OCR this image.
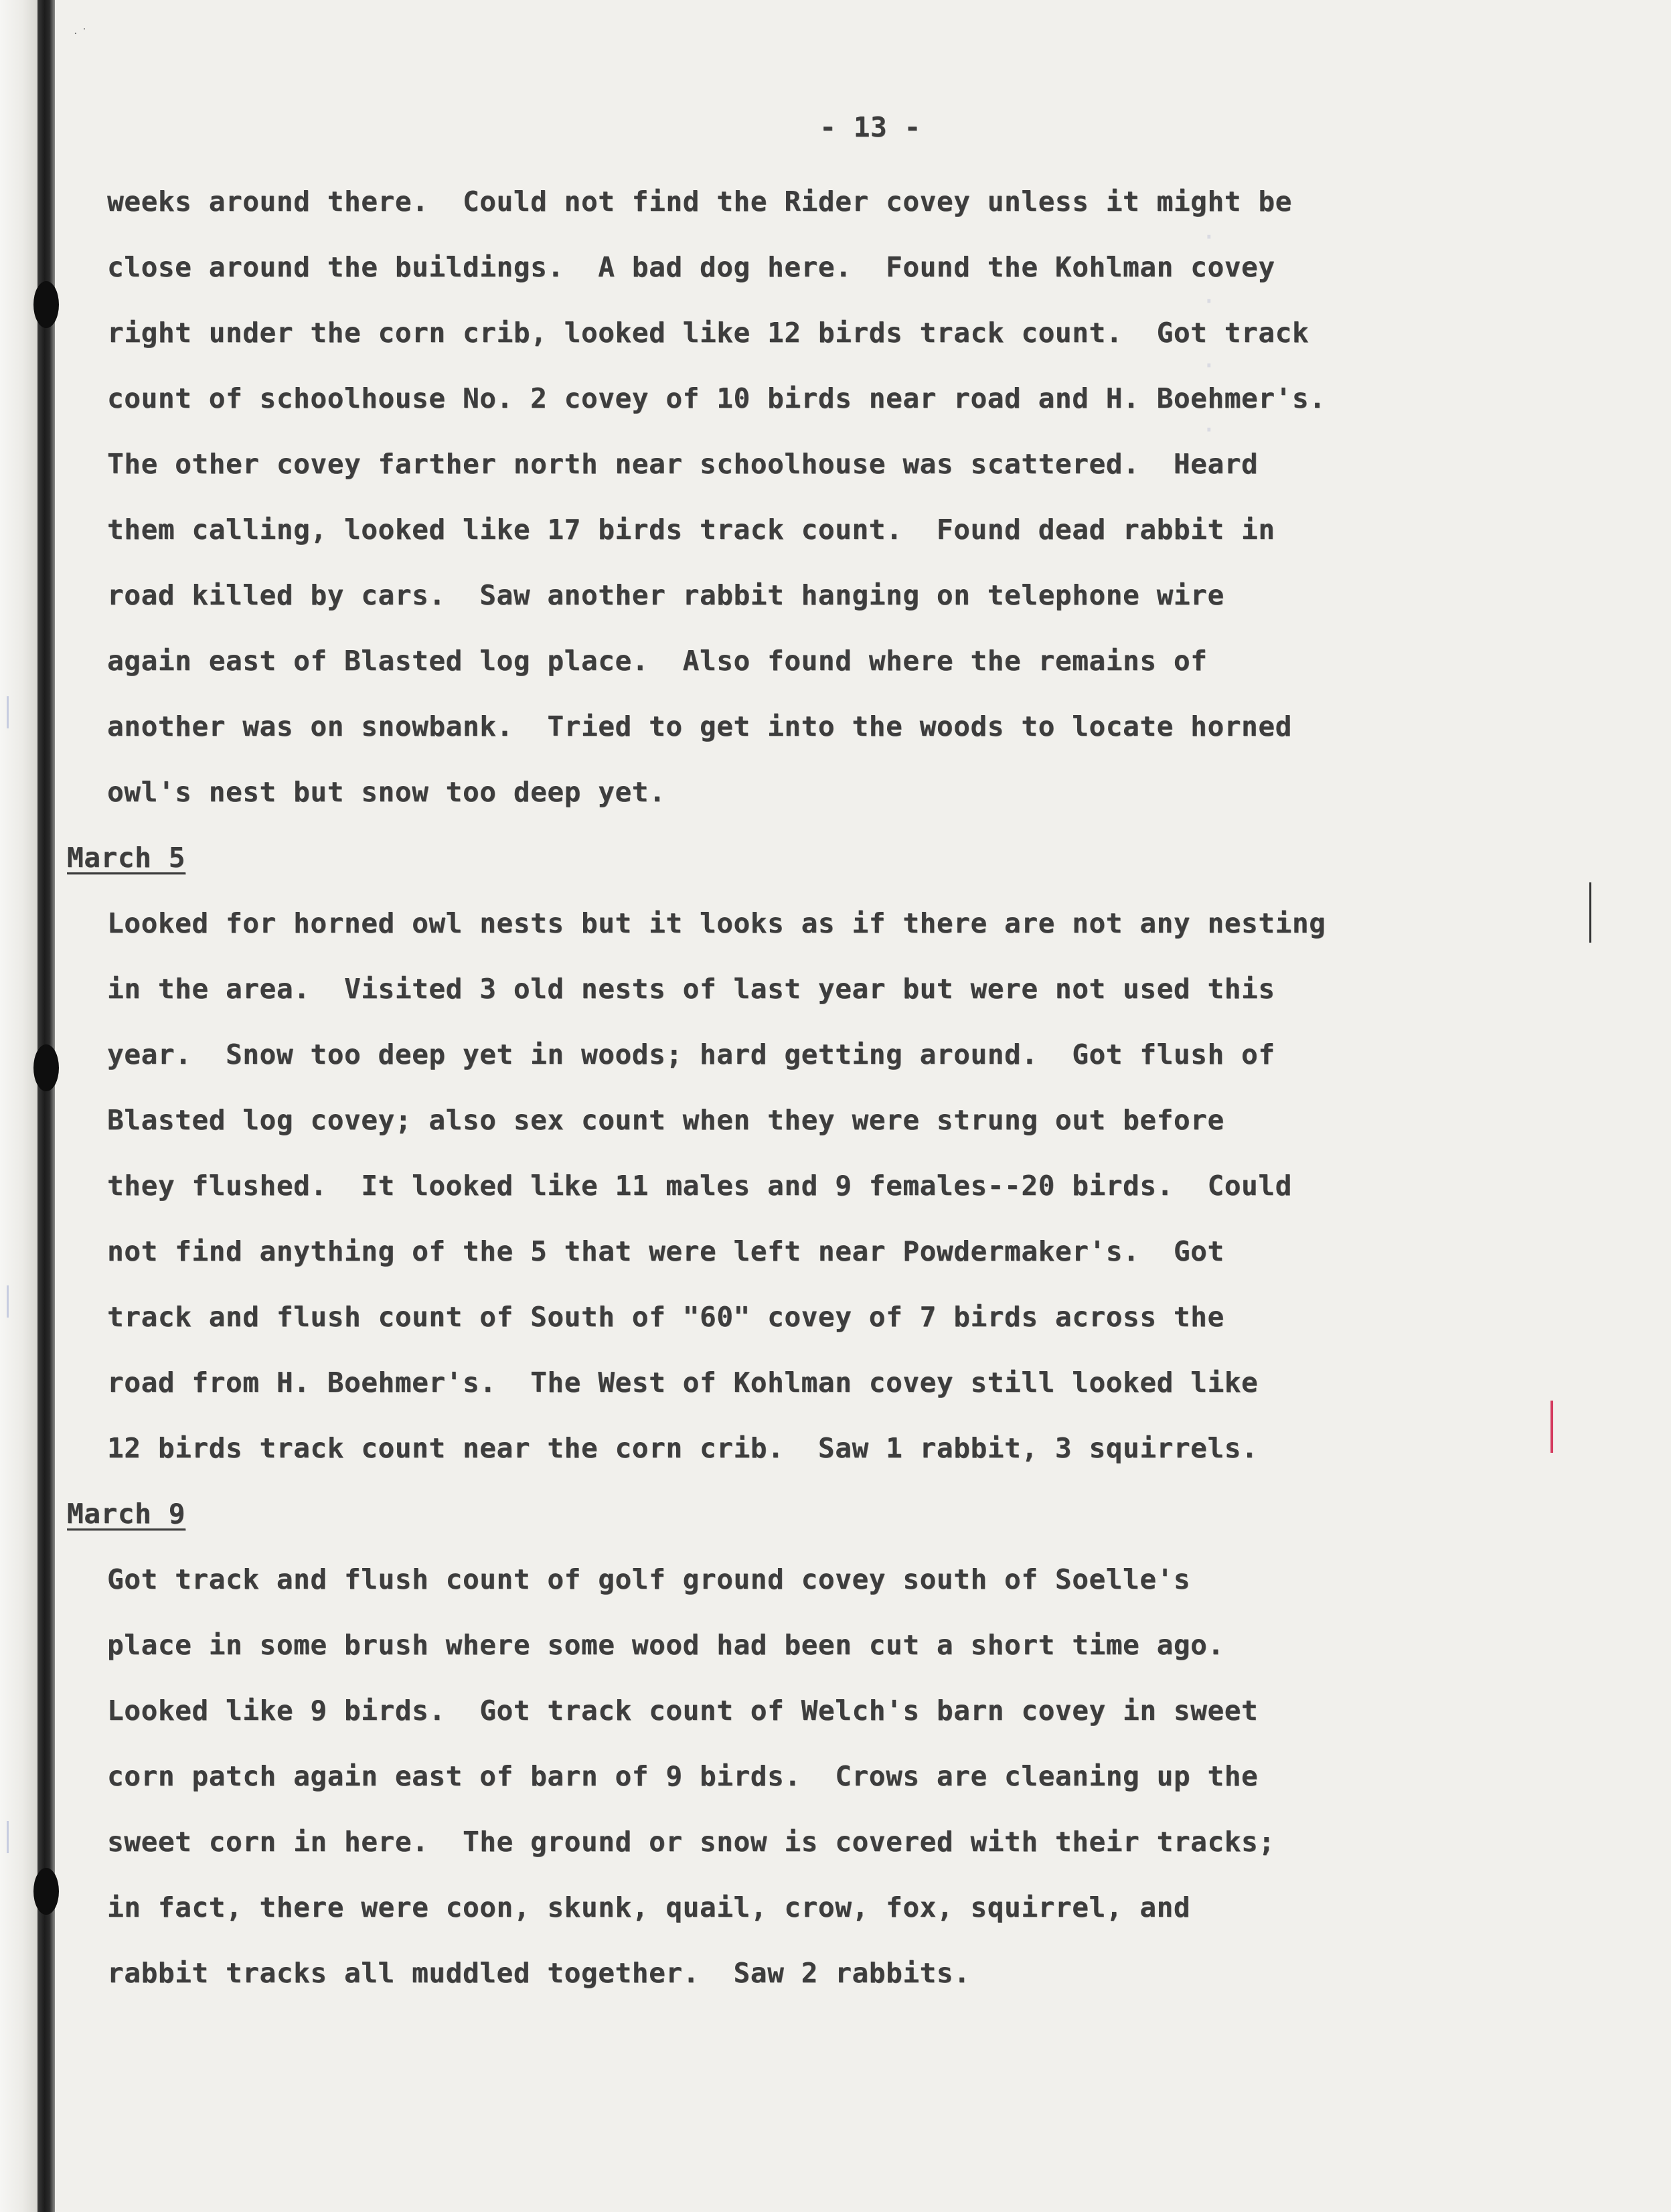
· ˙

·
·
·
·

- 13 -
weeks around there.  Could not find the Rider covey unless it might be
close around the buildings.  A bad dog here.  Found the Kohlman covey
right under the corn crib, looked like 12 birds track count.  Got track
count of schoolhouse No. 2 covey of 10 birds near road and H. Boehmer's.
The other covey farther north near schoolhouse was scattered.  Heard
them calling, looked like 17 birds track count.  Found dead rabbit in
road killed by cars.  Saw another rabbit hanging on telephone wire
again east of Blasted log place.  Also found where the remains of
another was on snowbank.  Tried to get into the woods to locate horned
owl's nest but snow too deep yet.
March 5
Looked for horned owl nests but it looks as if there are not any nesting
in the area.  Visited 3 old nests of last year but were not used this
year.  Snow too deep yet in woods; hard getting around.  Got flush of
Blasted log covey; also sex count when they were strung out before
they flushed.  It looked like 11 males and 9 females--20 birds.  Could
not find anything of the 5 that were left near Powdermaker's.  Got
track and flush count of South of "60" covey of 7 birds across the
road from H. Boehmer's.  The West of Kohlman covey still looked like
12 birds track count near the corn crib.  Saw 1 rabbit, 3 squirrels.
March 9
Got track and flush count of golf ground covey south of Soelle's
place in some brush where some wood had been cut a short time ago.
Looked like 9 birds.  Got track count of Welch's barn covey in sweet
corn patch again east of barn of 9 birds.  Crows are cleaning up the
sweet corn in here.  The ground or snow is covered with their tracks;
in fact, there were coon, skunk, quail, crow, fox, squirrel, and
rabbit tracks all muddled together.  Saw 2 rabbits.
